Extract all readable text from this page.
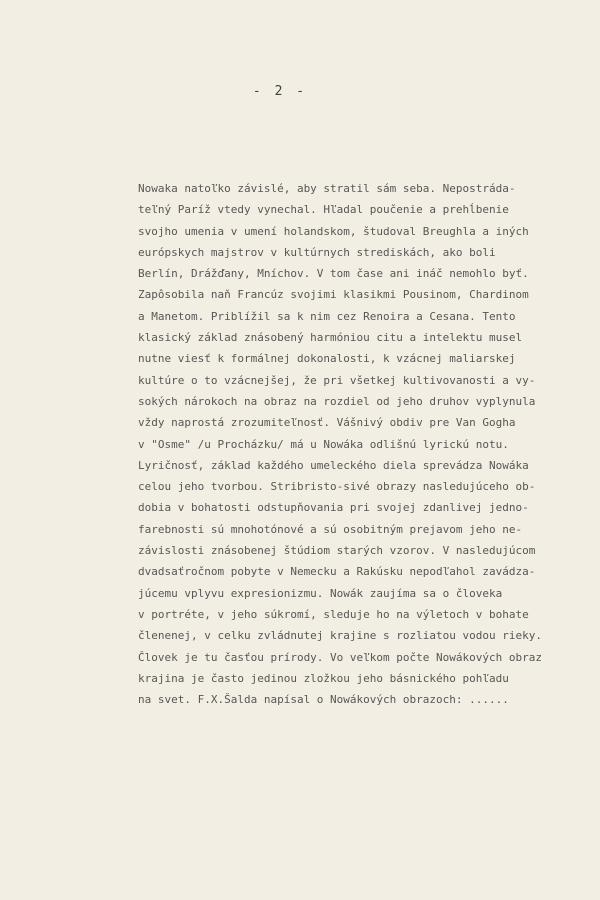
- 2 -
Nowaka natoľko závislé, aby stratil sám seba. Nepostráda-
teľný Paríž vtedy vynechal. Hľadal poučenie a prehĺbenie
svojho umenia v umení holandskom, študoval Breughla a iných
európskych majstrov v kultúrnych strediskách, ako boli
Berlín, Drážďany, Mníchov. V tom čase ani ináč nemohlo byť.
Zapôsobila naň Francúz svojimi klasikmi Pousinom, Chardinom
a Manetom. Priblížil sa k nim cez Renoira a Cesana. Tento
klasický základ znásobený harmóniou citu a intelektu musel
nutne viesť k formálnej dokonalosti, k vzácnej maliarskej
kultúre o to vzácnejšej, že pri všetkej kultivovanosti a vy-
sokých nárokoch na obraz na rozdiel od jeho druhov vyplynula
vždy naprostá zrozumiteľnosť. Vášnivý obdiv pre Van Gogha
v "Osme" /u Procházku/ má u Nowáka odlišnú lyrickú notu.
Lyričnosť, základ každého umeleckého diela sprevádza Nowáka
celou jeho tvorbou. Stribristo-sivé obrazy nasledujúceho ob-
dobia v bohatosti odstupňovania pri svojej zdanlivej jedno-
farebnosti sú mnohotónové a sú osobitným prejavom jeho ne-
závislosti znásobenej štúdiom starých vzorov. V nasledujúcom
dvadsaťročnom pobyte v Nemecku a Rakúsku nepodľahol zavádza-
júcemu vplyvu expresionizmu. Nowák zaujíma sa o človeka
v portréte, v jeho súkromí, sleduje ho na výletoch v bohate
členenej, v celku zvládnutej krajine s rozliatou vodou rieky.
Človek je tu časťou prírody. Vo veľkom počte Nowákových obraz
krajina je často jedinou zložkou jeho básnického pohľadu
na svet. F.X.Šalda napísal o Nowákových obrazoch: ......
